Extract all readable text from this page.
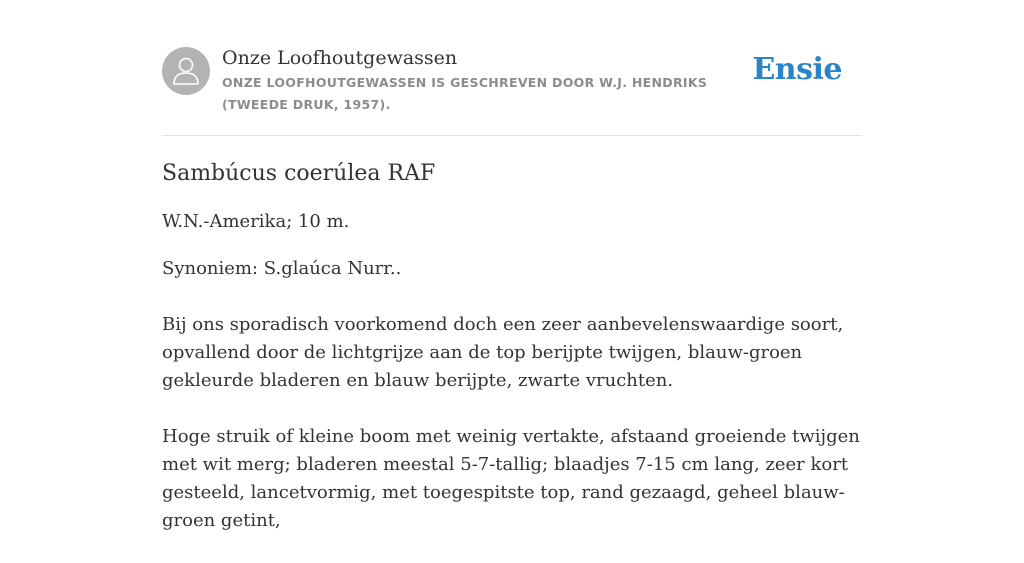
Onze Loofhoutgewassen
ONZE LOOFHOUTGEWASSEN IS GESCHREVEN DOOR W.J. HENDRIKS (TWEEDE DRUK, 1957).
Ensie
Sambúcus coerúlea RAF
W.N.-Amerika; 10 m.
Synoniem: S.glaúca Nurr..

Bij ons sporadisch voorkomend doch een zeer aanbevelenswaardige soort, opvallend door de lichtgrijze aan de top berijpte twijgen, blauw-groen gekleurde bladeren en blauw berijpte, zwarte vruchten.

Hoge struik of kleine boom met weinig vertakte, afstaand groeiende twijgen met wit merg; bladeren meestal 5-7-tallig; blaadjes 7-15 cm lang, zeer kort gesteeld, lancetvormig, met toegespitste top, rand gezaagd, geheel blauw-groen getint,
